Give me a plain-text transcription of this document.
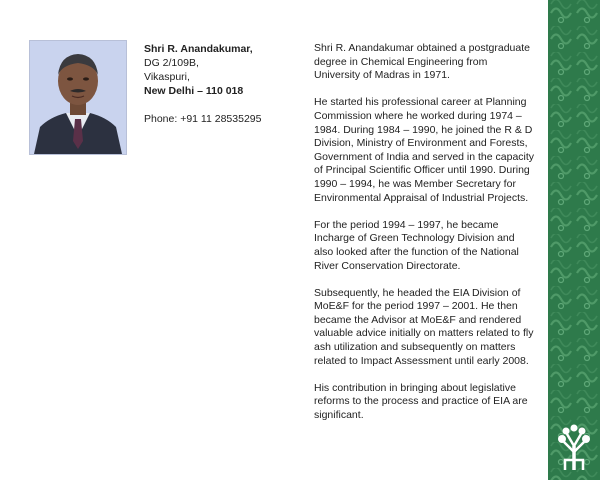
Shri R. Anandakumar,
DG 2/109B,
Vikaspuri,
New Delhi – 110 018
Phone: +91 11 28535295

Shri R. Anandakumar obtained a postgraduate degree in Chemical Engineering from University of Madras in 1971.

He started his professional career at Planning Commission where he worked during 1974 – 1984. During 1984 – 1990, he joined the R & D Division, Ministry of Environment and Forests, Government of India and served in the capacity of Principal Scientific Officer until 1990. During 1990 – 1994, he was Member Secretary for Environmental Appraisal of Industrial Projects.

For the period 1994 – 1997, he became Incharge of Green Technology Division and also looked after the function of the National River Conservation Directorate.

Subsequently, he headed the EIA Division of MoE&F for the period 1997 – 2001. He then became the Advisor at MoE&F and rendered valuable advice initially on matters related to fly ash utilization and subsequently on matters related to Impact Assessment until early 2008.

His contribution in bringing about legislative reforms to the process and practice of EIA are significant.
